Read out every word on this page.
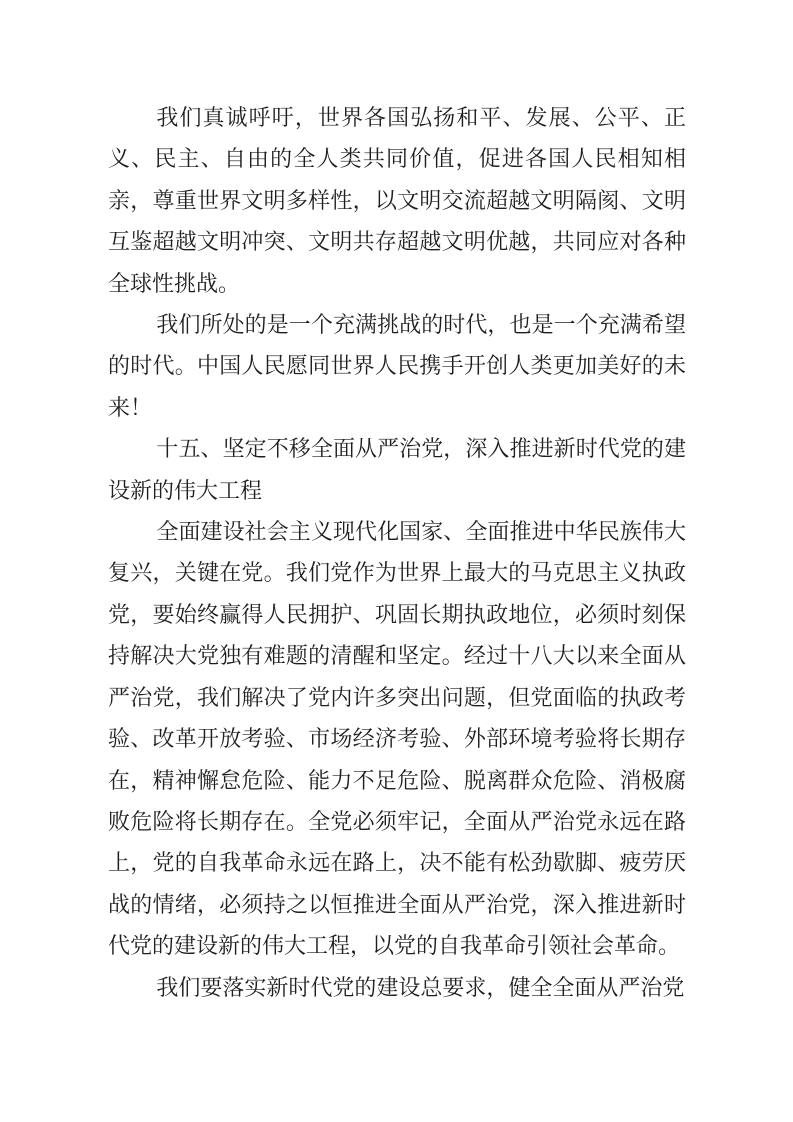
我们真诚呼吁，世界各国弘扬和平、发展、公平、正义、民主、自由的全人类共同价值，促进各国人民相知相亲，尊重世界文明多样性，以文明交流超越文明隔阂、文明互鉴超越文明冲突、文明共存超越文明优越，共同应对各种全球性挑战。

我们所处的是一个充满挑战的时代，也是一个充满希望的时代。中国人民愿同世界人民携手开创人类更加美好的未来！

十五、坚定不移全面从严治党，深入推进新时代党的建设新的伟大工程

全面建设社会主义现代化国家、全面推进中华民族伟大复兴，关键在党。我们党作为世界上最大的马克思主义执政党，要始终赢得人民拥护、巩固长期执政地位，必须时刻保持解决大党独有难题的清醒和坚定。经过十八大以来全面从严治党，我们解决了党内许多突出问题，但党面临的执政考验、改革开放考验、市场经济考验、外部环境考验将长期存在，精神懈怠危险、能力不足危险、脱离群众危险、消极腐败危险将长期存在。全党必须牢记，全面从严治党永远在路上，党的自我革命永远在路上，决不能有松劲歇脚、疲劳厌战的情绪，必须持之以恒推进全面从严治党，深入推进新时代党的建设新的伟大工程，以党的自我革命引领社会革命。

我们要落实新时代党的建设总要求，健全全面从严治党
